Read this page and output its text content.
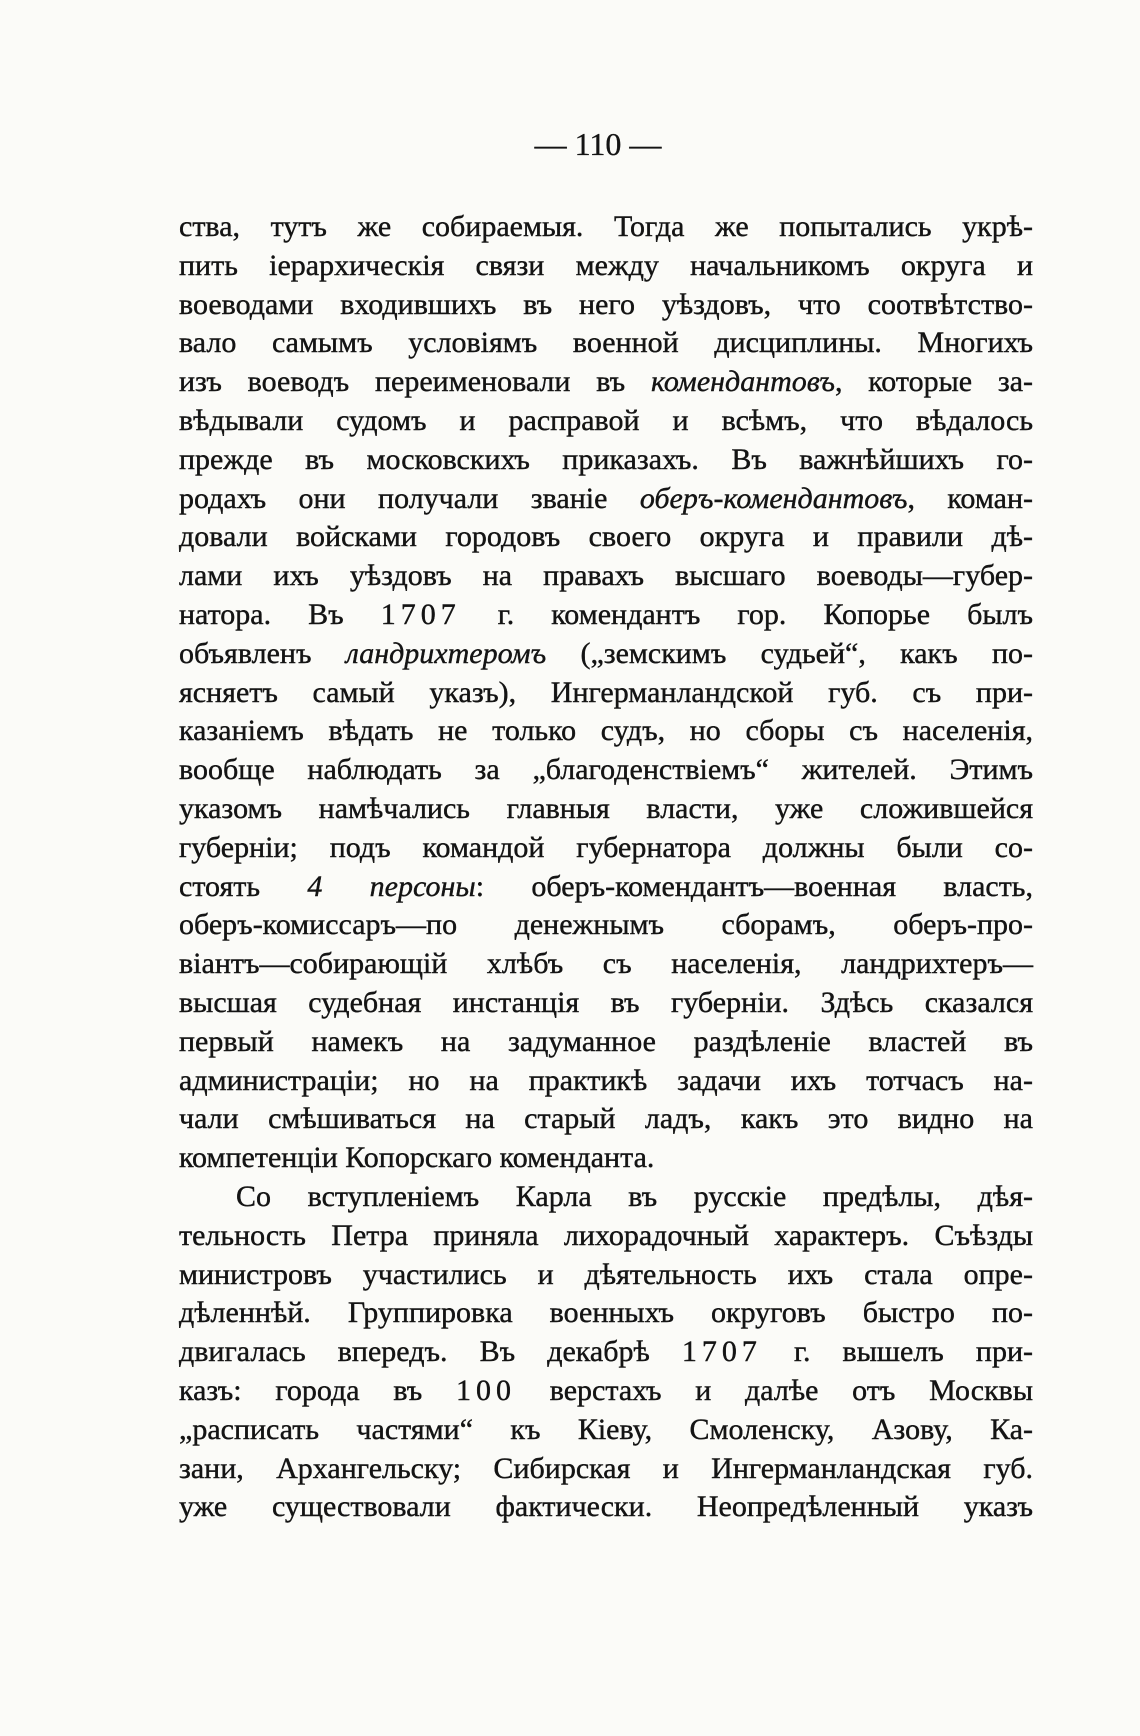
— 110 —
ства, тутъ же собираемыя. Тогда же попытались укрѣ-
пить іерархическія связи между начальникомъ округа и
воеводами входившихъ въ него уѣздовъ, что соотвѣтство-
вало самымъ условіямъ военной дисциплины. Многихъ
изъ воеводъ переименовали въ комендантовъ, которые за-
вѣдывали судомъ и расправой и всѣмъ, что вѣдалось
прежде въ московскихъ приказахъ. Въ важнѣйшихъ го-
родахъ они получали званіе оберъ-комендантовъ, коман-
довали войсками городовъ своего округа и правили дѣ-
лами ихъ уѣздовъ на правахъ высшаго воеводы—губер-
натора. Въ 1707 г. комендантъ гор. Копорье былъ
объявленъ ландрихтеромъ („земскимъ судьей“, какъ по-
ясняетъ самый указъ), Ингерманландской губ. съ при-
казаніемъ вѣдать не только судъ, но сборы съ населенія,
вообще наблюдать за „благоденствіемъ“ жителей. Этимъ
указомъ намѣчались главныя власти, уже сложившейся
губерніи; подъ командой губернатора должны были со-
стоять 4 персоны: оберъ-комендантъ—военная власть,
оберъ-комиссаръ—по денежнымъ сборамъ, оберъ-про-
віантъ—собирающій хлѣбъ съ населенія, ландрихтеръ—
высшая судебная инстанція въ губерніи. Здѣсь сказался
первый намекъ на задуманное раздѣленіе властей въ
администраціи; но на практикѣ задачи ихъ тотчасъ на-
чали смѣшиваться на старый ладъ, какъ это видно на
компетенціи Копорскаго коменданта.
Со вступленіемъ Карла въ русскіе предѣлы, дѣя-
тельность Петра приняла лихорадочный характеръ. Съѣзды
министровъ участились и дѣятельность ихъ стала опре-
дѣленнѣй. Группировка военныхъ округовъ быстро по-
двигалась впередъ. Въ декабрѣ 1707 г. вышелъ при-
казъ: города въ 100 верстахъ и далѣе отъ Москвы
„расписать частями“ къ Кіеву, Смоленску, Азову, Ка-
зани, Архангельску; Сибирская и Ингерманландская губ.
уже существовали фактически. Неопредѣленный указъ
